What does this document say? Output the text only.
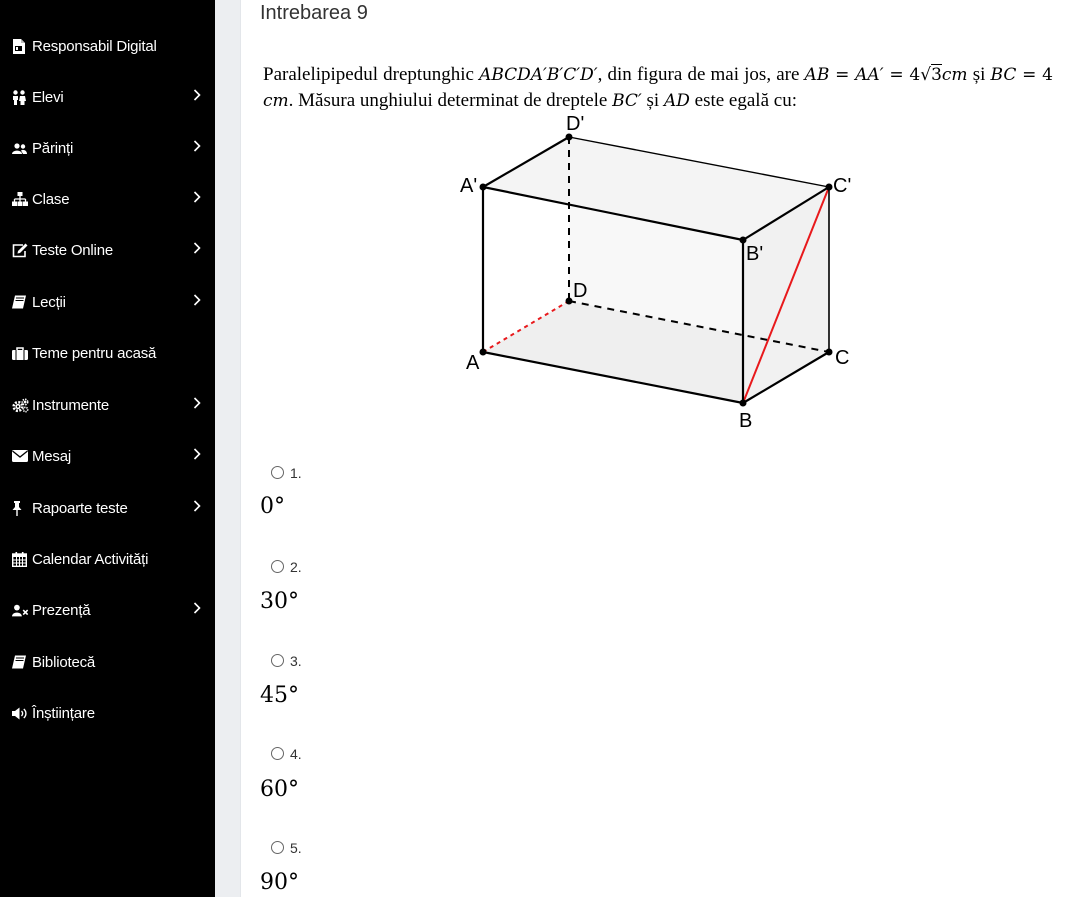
Responsabil Digital
Elevi
Părinți
Clase
Teste Online
Lecții
Teme pentru acasă
Instrumente
Mesaj
Rapoarte teste
Calendar Activități
Prezență
Bibliotecă
Înștiințare
Intrebarea 9
Paralelipipedul dreptunghic ABCDA′B′C′D′, din figura de mai jos, are AB = AA′ = 4√3cm și BC = 4 cm. Măsura unghiului determinat de dreptele BC′ și AD este egală cu:
A
B
C
D
A'
B'
C'
D'
1.
0°
2.
30°
3.
45°
4.
60°
5.
90°
